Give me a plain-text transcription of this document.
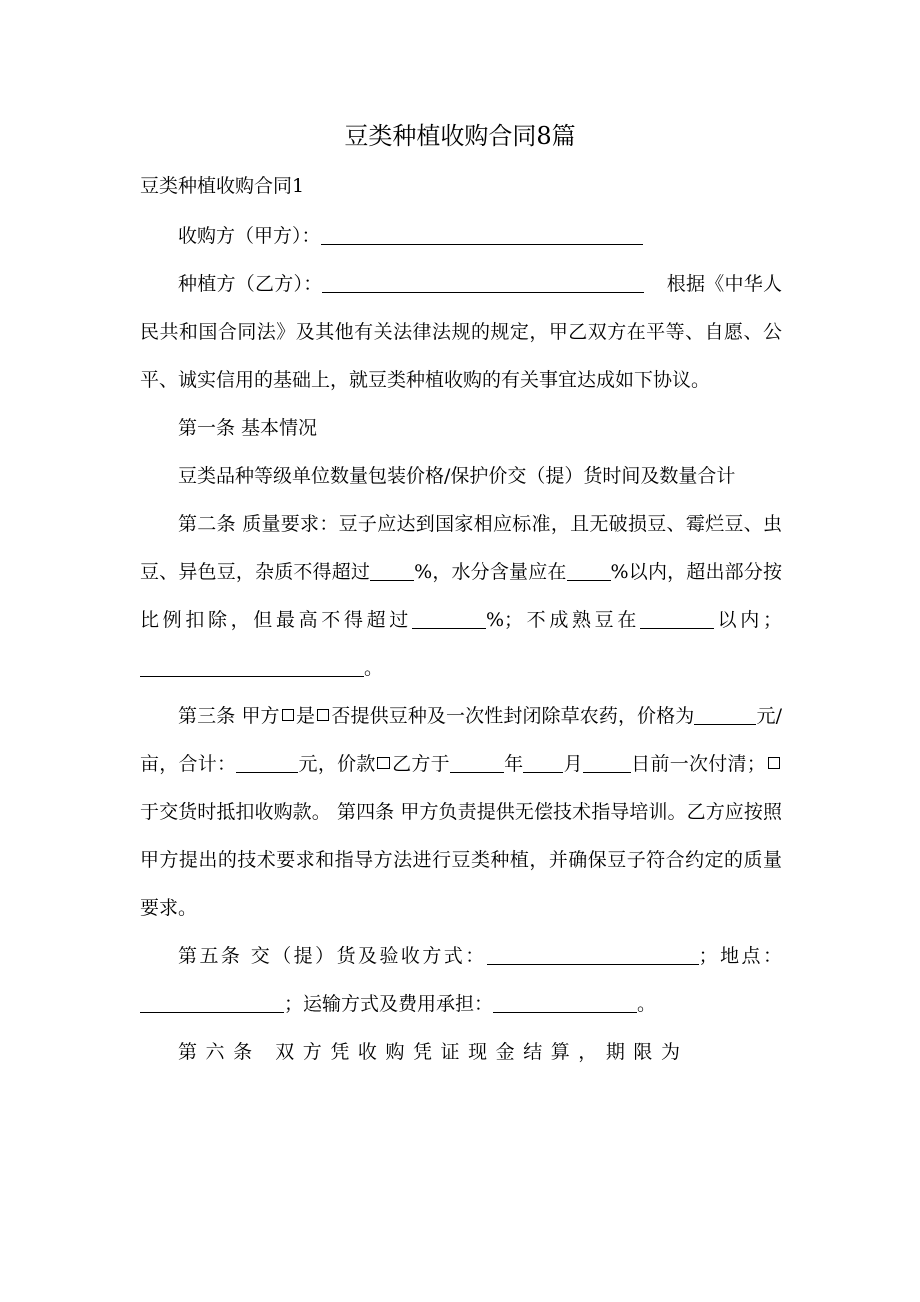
豆类种植收购合同8篇
豆类种植收购合同1

收购方（甲方）：

种植方（乙方）：	根据《中华人民共和国合同法》及其他有关法律法规的规定，甲乙双方在平等、自愿、公平、诚实信用的基础上，就豆类种植收购的有关事宜达成如下协议。

第一条 基本情况

豆类品种等级单位数量包装价格/保护价交（提）货时间及数量合计

第二条 质量要求：豆子应达到国家相应标准，且无破损豆、霉烂豆、虫豆、异色豆，杂质不得超过 %，水分含量应在 %以内，超出部分按比例扣除，但最高不得超过	%；不成熟豆在	以内；。

第三条 甲方 是 否提供豆种及一次性封闭除草农药，价格为	元/亩，合计：	元，价款 乙方于	年 月	日前一次付清；于交货时抵扣收购款。 第四条 甲方负责提供无偿技术指导培训。乙方应按照甲方提出的技术要求和指导方法进行豆类种植，并确保豆子符合约定的质量要求。

第五条 交（提）货及验收方式：	；地点：；运输方式及费用承担：	。

第六条 双方凭收购凭证现金结算，期限为
